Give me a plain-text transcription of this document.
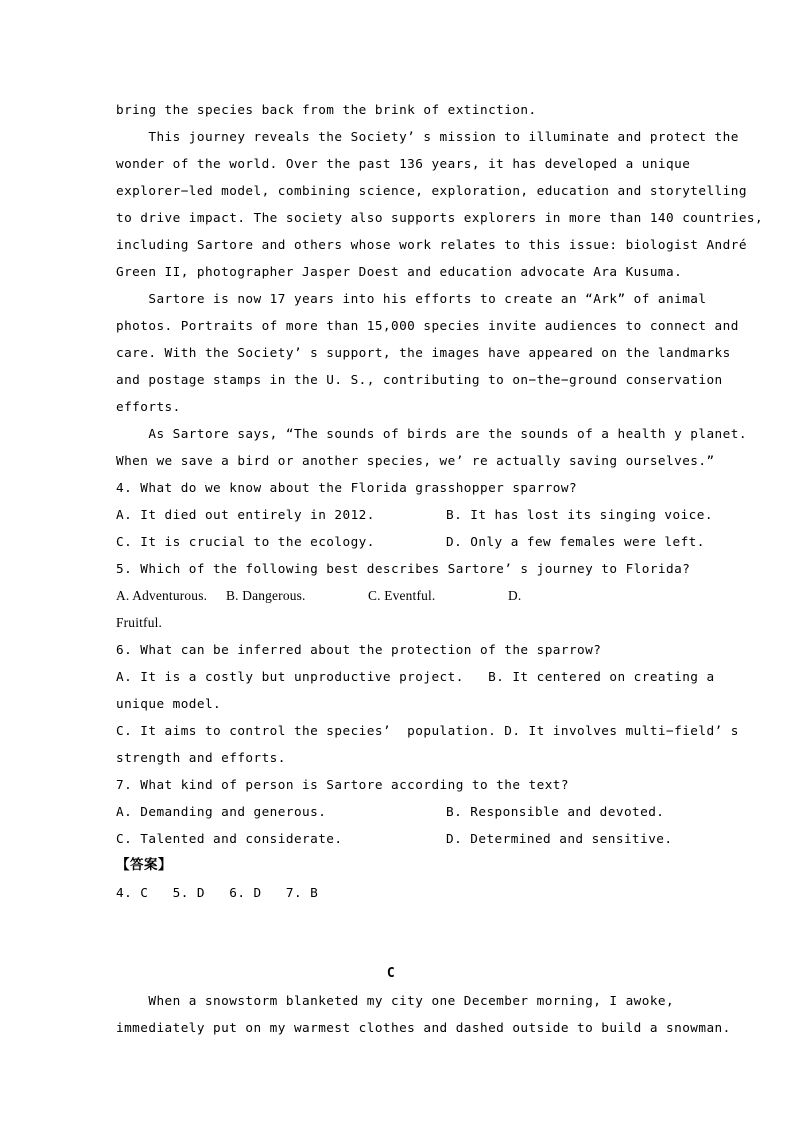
bring the species back from the brink of extinction.
This journey reveals the Society’ s mission to illuminate and protect the
wonder of the world. Over the past 136 years, it has developed a unique
explorer−led model, combining science, exploration, education and storytelling
to drive impact. The society also supports explorers in more than 140 countries,
including Sartore and others whose work relates to this issue: biologist André
Green II, photographer Jasper Doest and education advocate Ara Kusuma.
Sartore is now 17 years into his efforts to create an “Ark” of animal
photos. Portraits of more than 15,000 species invite audiences to connect and
care. With the Society’ s support, the images have appeared on the landmarks
and postage stamps in the U. S., contributing to on−the−ground conservation
efforts.
As Sartore says, “The sounds of birds are the sounds of a health y planet.
When we save a bird or another species, we’ re actually saving ourselves.”
4. What do we know about the Florida grasshopper sparrow?

A. It died out entirely in 2012.

	B. It has lost its singing voice.

C. It is crucial to the ecology.

	D. Only a few females were left.

5. Which of the following best describes Sartore’ s journey to Florida?

A. Adventurous.

B. Dangerous.

	C. Eventful.

	D.

Fruitful.
6. What can be inferred about the protection of the sparrow?
A. It is a costly but unproductive project.   B. It centered on creating a
unique model.
C. It aims to control the species’  population. D. It involves multi−field’ s
strength and efforts.
7. What kind of person is Sartore according to the text?

A. Demanding and generous.

	B. Responsible and devoted.

C. Talented and considerate.

	D. Determined and sensitive.

【答案】
4. C   5. D   6. D   7. B
C
When a snowstorm blanketed my city one December morning, I awoke,
immediately put on my warmest clothes and dashed outside to build a snowman.
